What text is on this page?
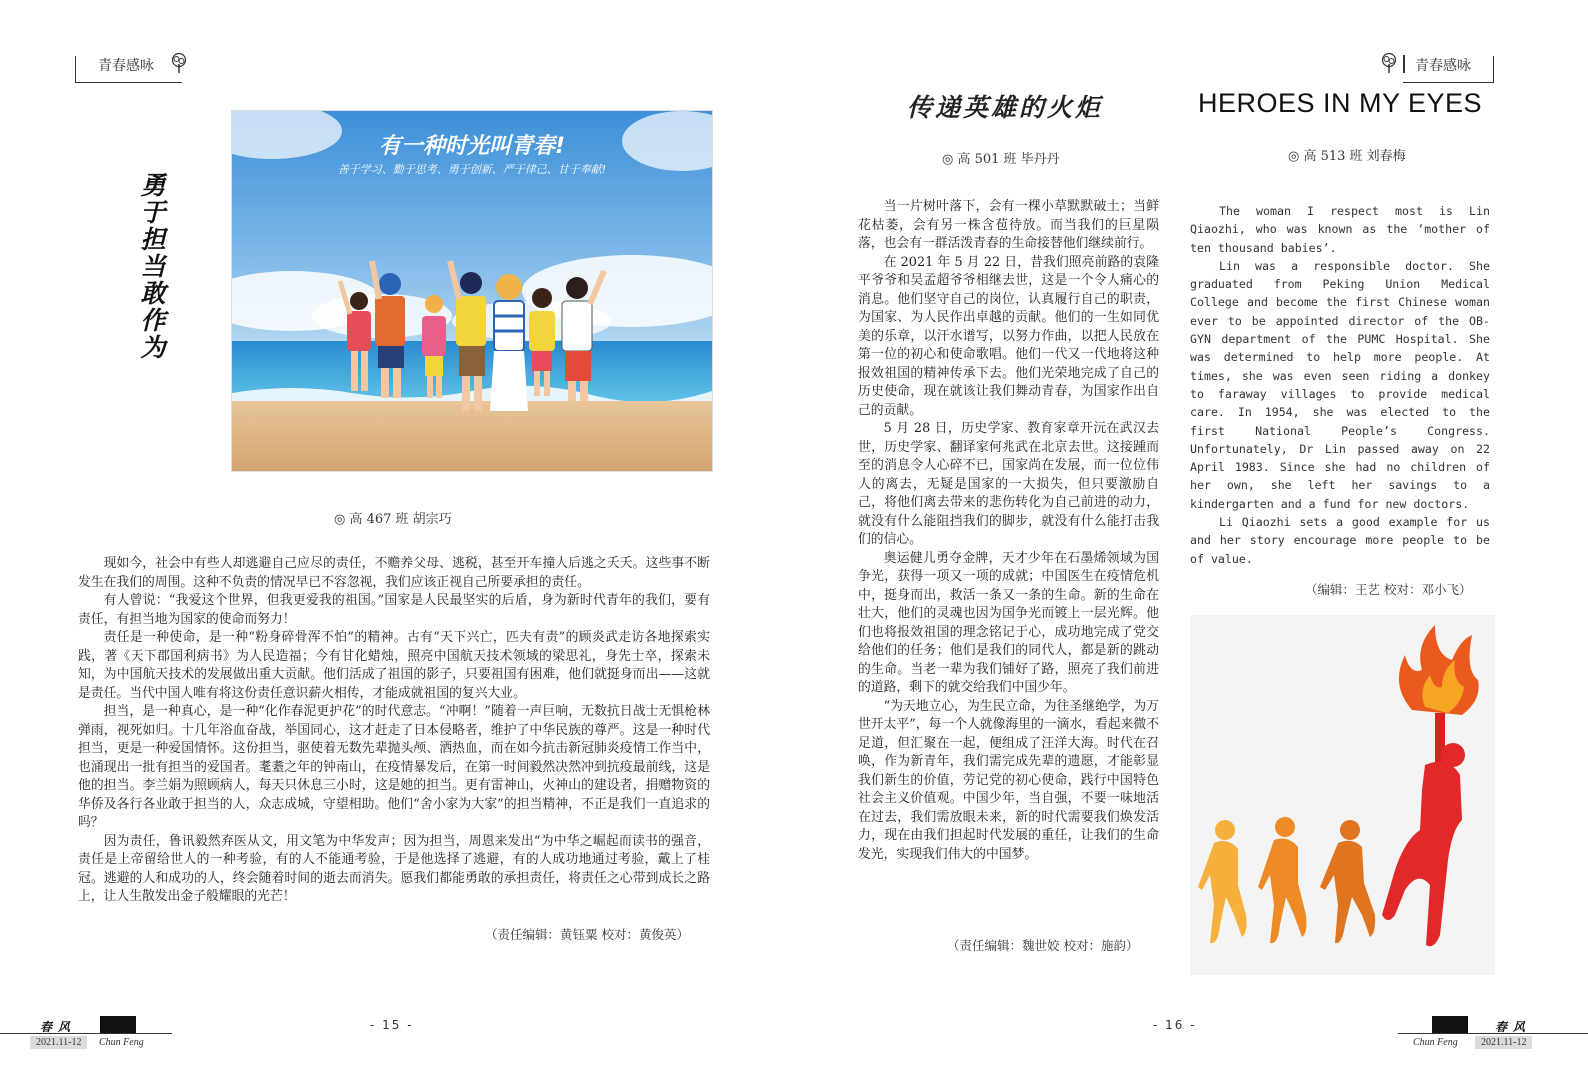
青春感咏
勇于担当敢作为
有一种时光叫青春!
善于学习、勤于思考、勇于创新、严于律己、甘于奉献!
◎ 高 467 班 胡宗巧

现如今，社会中有些人却逃避自己应尽的责任，不赡养父母、逃税，甚至开车撞人后逃之夭夭。这些事不断发生在我们的周围。这种不负责的情况早已不容忽视，我们应该正视自己所要承担的责任。

有人曾说：“我爱这个世界，但我更爱我的祖国。”国家是人民最坚实的后盾，身为新时代青年的我们，要有责任，有担当地为国家的使命而努力！

责任是一种使命，是一种“粉身碎骨浑不怕”的精神。古有“天下兴亡，匹夫有责”的顾炎武走访各地探索实践，著《天下郡国利病书》为人民造福；今有甘化蜡烛，照亮中国航天技术领域的梁思礼，身先士卒，探索未知，为中国航天技术的发展做出重大贡献。他们活成了祖国的影子，只要祖国有困难，他们就挺身而出——这就是责任。当代中国人唯有将这份责任意识薪火相传，才能成就祖国的复兴大业。

担当，是一种真心，是一种“化作春泥更护花”的时代意志。“冲啊！”随着一声巨响，无数抗日战士无惧枪林弹雨，视死如归。十几年浴血奋战，举国同心，这才赶走了日本侵略者，维护了中华民族的尊严。这是一种时代担当，更是一种爱国情怀。这份担当，驱使着无数先辈抛头颅、洒热血，而在如今抗击新冠肺炎疫情工作当中，也涌现出一批有担当的爱国者。耄耋之年的钟南山，在疫情暴发后，在第一时间毅然决然冲到抗疫最前线，这是他的担当。李兰娟为照顾病人，每天只休息三小时，这是她的担当。更有雷神山，火神山的建设者，捐赠物资的华侨及各行各业敢于担当的人，众志成城，守望相助。他们“舍小家为大家”的担当精神，不正是我们一直追求的吗？

因为责任，鲁讯毅然弃医从文，用文笔为中华发声；因为担当，周恩来发出“为中华之崛起而读书的强音，责任是上帝留给世人的一种考验，有的人不能通考验，于是他选择了逃避，有的人成功地通过考验，戴上了桂冠。逃避的人和成功的人，终会随着时间的逝去而消失。愿我们都能勇敢的承担责任，将责任之心带到成长之路上，让人生散发出金子般耀眼的光芒！

（责任编辑：黄钰粟 校对：黄俊英）
春风
2021.11-12	Chun Feng
- 15 -
青春感咏
传递英雄的火炬
◎ 高 501 班 毕丹丹

当一片树叶落下，会有一棵小草默默破土；当鲜花枯萎，会有另一株含苞待放。而当我们的巨星陨落，也会有一群活泼青春的生命接替他们继续前行。

在 2021 年 5 月 22 日，昔我们照亮前路的袁隆平爷爷和吴孟超爷爷相继去世，这是一个令人痛心的消息。他们坚守自己的岗位，认真履行自己的职责，为国家、为人民作出卓越的贡献。他们的一生如同优美的乐章，以汗水谱写，以努力作曲，以把人民放在第一位的初心和使命歌唱。他们一代又一代地将这种报效祖国的精神传承下去。他们光荣地完成了自己的历史使命，现在就该让我们舞动青春，为国家作出自己的贡献。

5 月 28 日，历史学家、教育家章开沅在武汉去世，历史学家、翻译家何兆武在北京去世。这接踵而至的消息令人心碎不已，国家尚在发展，而一位位伟人的离去，无疑是国家的一大损失，但只要激励自己，将他们离去带来的悲伤转化为自己前进的动力，就没有什么能阻挡我们的脚步，就没有什么能打击我们的信心。

奥运健儿勇夺金牌，天才少年在石墨烯领域为国争光，获得一项又一项的成就；中国医生在疫情危机中，挺身而出，救活一条又一条的生命。新的生命在壮大，他们的灵魂也因为国争光而镀上一层光辉。他们也将报效祖国的理念铭记于心，成功地完成了党交给他们的任务；他们是我们的同代人，都是新的跳动的生命。当老一辈为我们铺好了路，照亮了我们前进的道路，剩下的就交给我们中国少年。

“为天地立心，为生民立命，为往圣继绝学，为万世开太平”，每一个人就像海里的一滴水，看起来微不足道，但汇聚在一起，便组成了汪洋大海。时代在召唤，作为新青年，我们需完成先辈的遗愿，才能彰显我们新生的价值，劳记党的初心使命，践行中国特色社会主义价值观。中国少年，当自强，不要一味地活在过去，我们需放眼未来，新的时代需要我们焕发活力，现在由我们担起时代发展的重任，让我们的生命发光，实现我们伟大的中国梦。

（责任编辑：魏世姣 校对：施韵）
HEROES IN MY EYES
◎ 高 513 班 刘春梅

The woman I respect most is Lin Qiaozhi, who was known as the ‘mother of ten thousand babies’.

Lin was a responsible doctor. She graduated from Peking Union Medical College and become the first Chinese woman ever to be appointed director of the OB-GYN department of the PUMC Hospital. She was determined to help more people. At times, she was even seen riding a donkey to faraway villages to provide medical care. In 1954, she was elected to the first National People’s Congress. Unfortunately, Dr Lin passed away on 22 April 1983. Since she had no children of her own, she left her savings to a kindergarten and a fund for new doctors.

Li Qiaozhi sets a good example for us and her story encourage more people to be of value.

（编辑：王艺 校对：邓小飞）
- 16 -	春风
Chun Feng	2021.11-12
